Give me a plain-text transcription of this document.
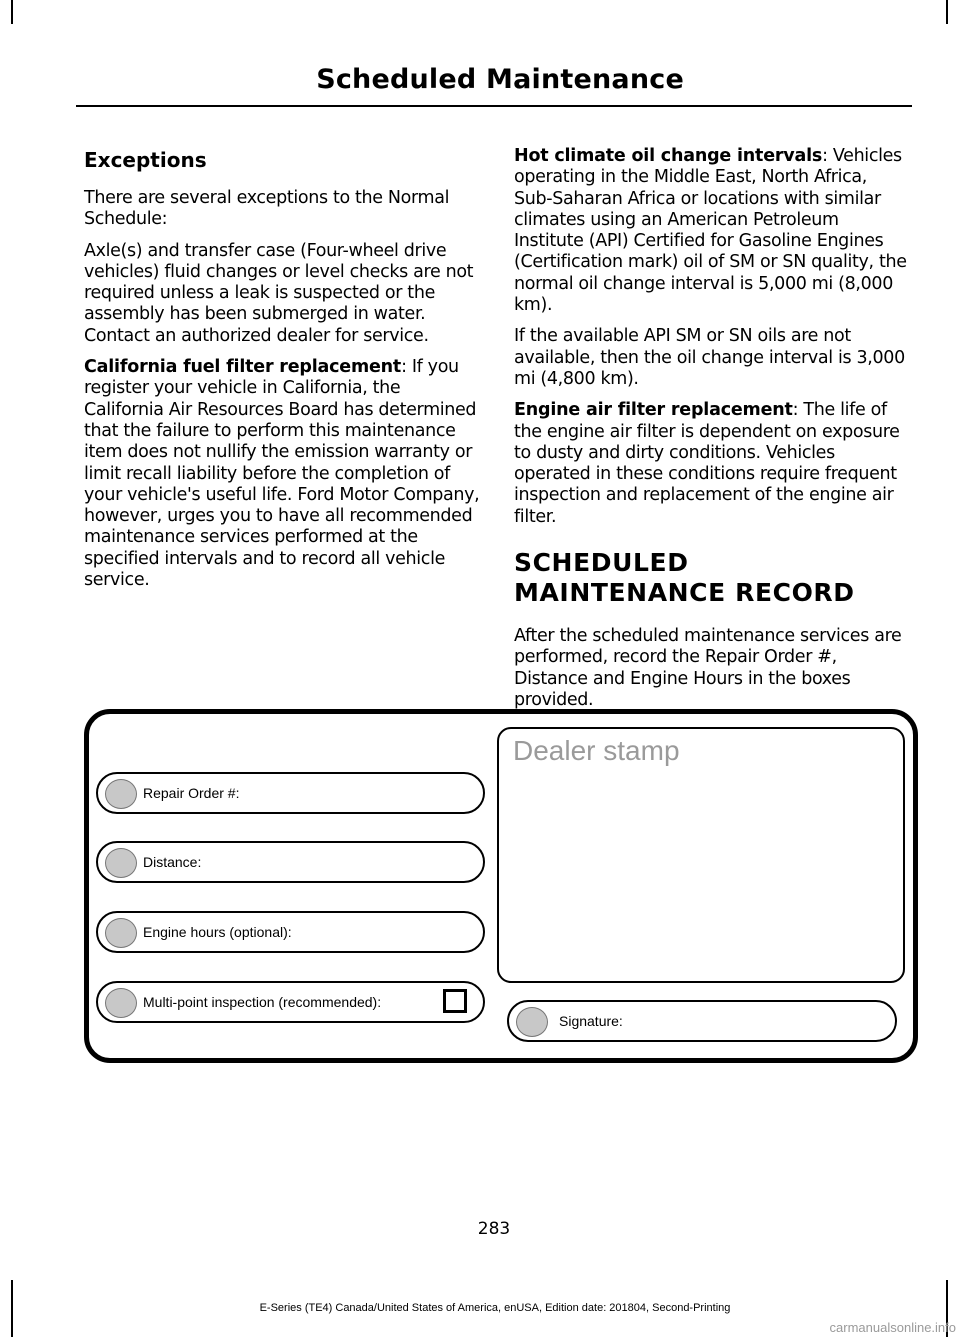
Scheduled Maintenance
Exceptions

There are several exceptions to the Normal Schedule:

Axle(s) and transfer case (Four-wheel drive vehicles) fluid changes or level checks are not required unless a leak is suspected or the assembly has been submerged in water. Contact an authorized dealer for service.

California fuel filter replacement: If you register your vehicle in California, the California Air Resources Board has determined that the failure to perform this maintenance item does not nullify the emission warranty or limit recall liability before the completion of your vehicle's useful life. Ford Motor Company, however, urges you to have all recommended maintenance services performed at the specified intervals and to record all vehicle service.

Hot climate oil change intervals: Vehicles operating in the Middle East, North Africa, Sub-Saharan Africa or locations with similar climates using an American Petroleum Institute (API) Certified for Gasoline Engines (Certification mark) oil of SM or SN quality, the normal oil change interval is 5,000 mi (8,000 km).

If the available API SM or SN oils are not available, then the oil change interval is 3,000 mi (4,800 km).

Engine air filter replacement: The life of the engine air filter is dependent on exposure to dusty and dirty conditions. Vehicles operated in these conditions require frequent inspection and replacement of the engine air filter.

SCHEDULED MAINTENANCE RECORD

After the scheduled maintenance services are performed, record the Repair Order #, Distance and Engine Hours in the boxes provided.

Repair Order #:
Distance:
Engine hours (optional):
Multi-point inspection (recommended):
Dealer stamp
Signature:
283
E-Series (TE4) Canada/United States of America, enUSA, Edition date: 201804, Second-Printing
carmanualsonline.info
